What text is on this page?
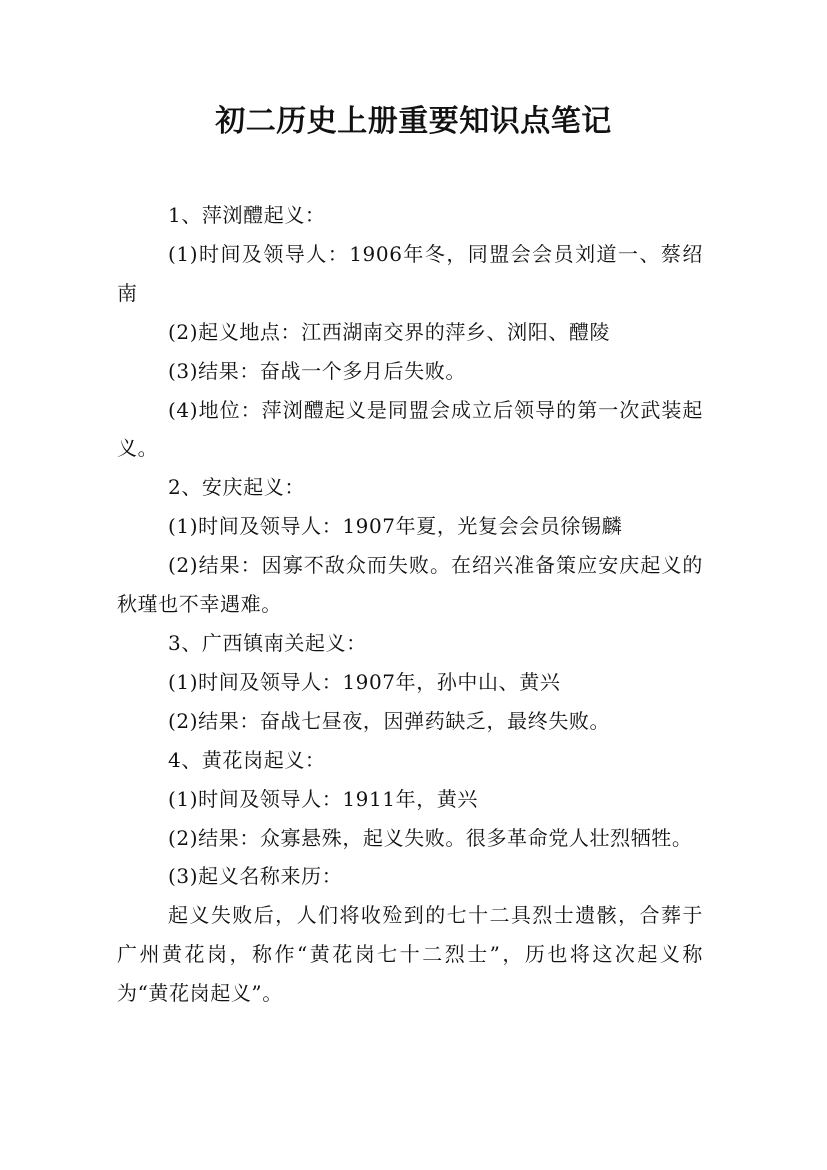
初二历史上册重要知识点笔记

1、萍浏醴起义：

(1)时间及领导人：1906年冬，同盟会会员刘道一、蔡绍南

(2)起义地点：江西湖南交界的萍乡、浏阳、醴陵

(3)结果：奋战一个多月后失败。

(4)地位：萍浏醴起义是同盟会成立后领导的第一次武装起义。

2、安庆起义：

(1)时间及领导人：1907年夏，光复会会员徐锡麟

(2)结果：因寡不敌众而失败。在绍兴准备策应安庆起义的秋瑾也不幸遇难。

3、广西镇南关起义：

(1)时间及领导人：1907年，孙中山、黄兴

(2)结果：奋战七昼夜，因弹药缺乏，最终失败。

4、黄花岗起义：

(1)时间及领导人：1911年，黄兴

(2)结果：众寡悬殊，起义失败。很多革命党人壮烈牺牲。

(3)起义名称来历：

起义失败后，人们将收殓到的七十二具烈士遗骸，合葬于广州黄花岗，称作“黄花岗七十二烈士”，历也将这次起义称为“黄花岗起义”。
